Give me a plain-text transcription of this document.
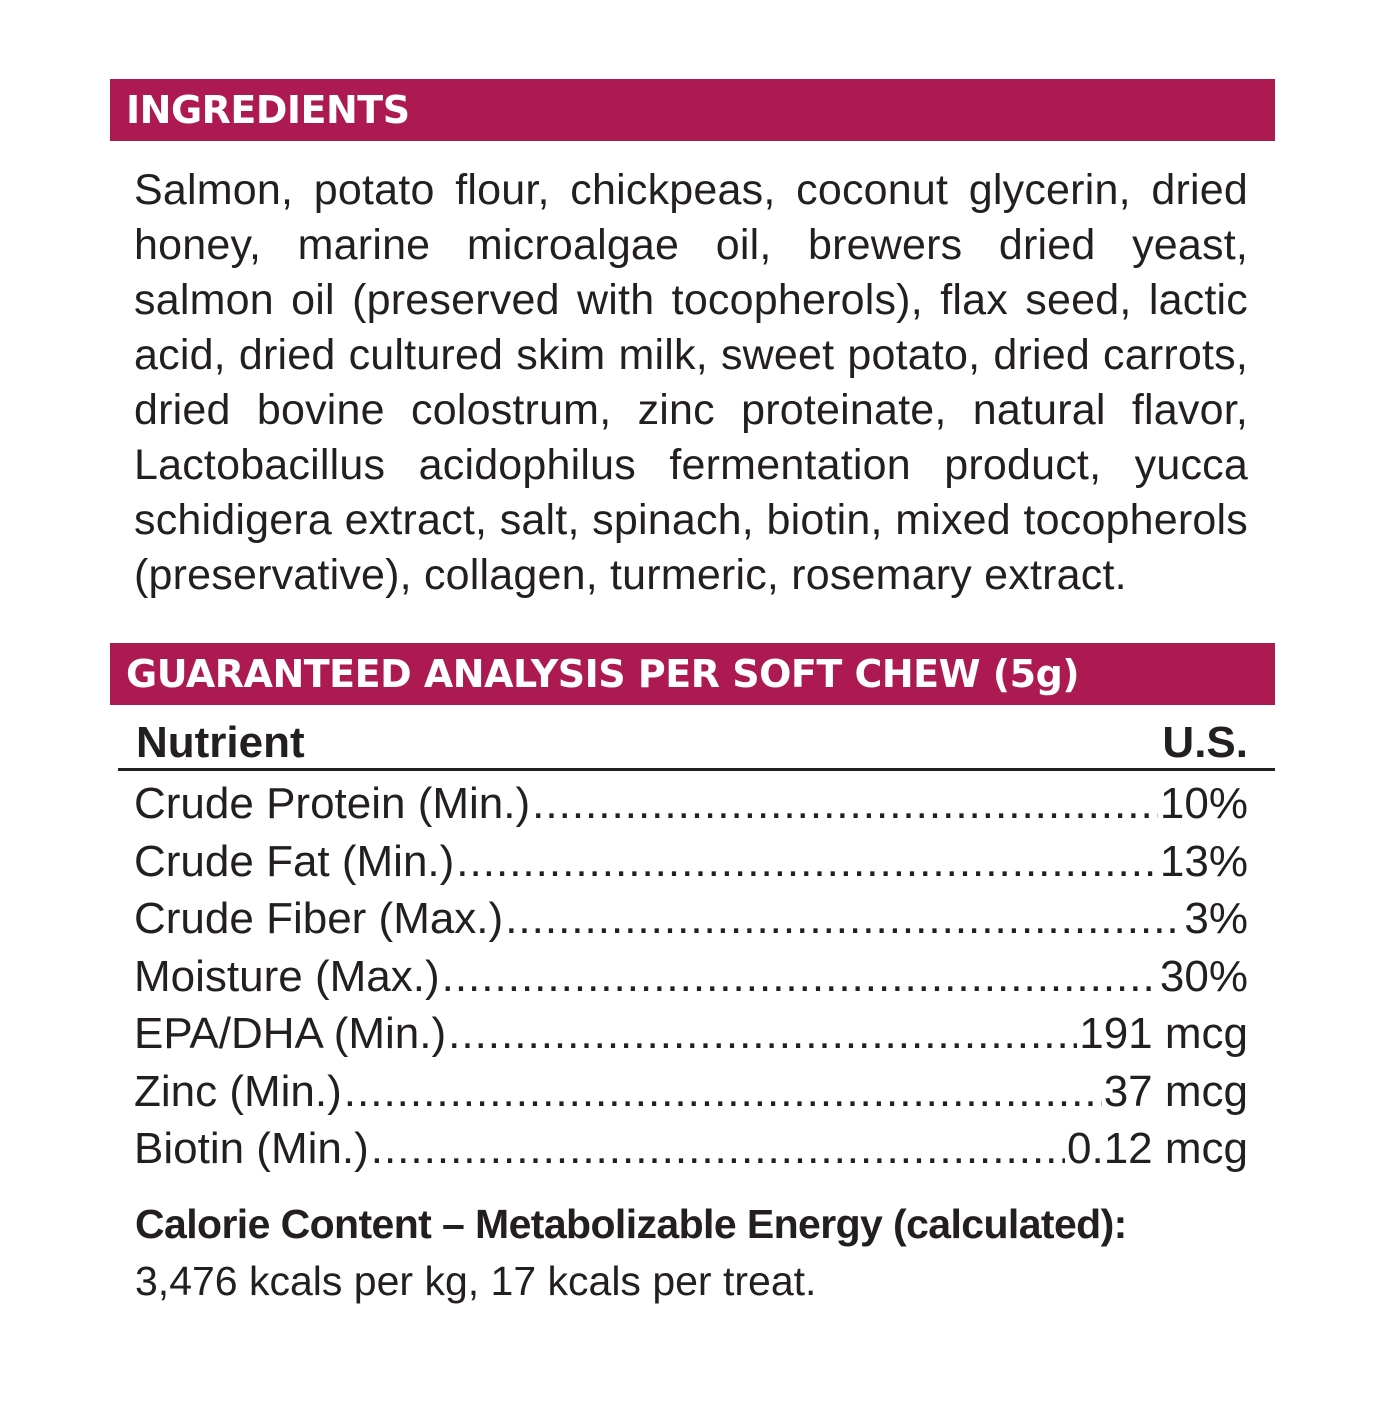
INGREDIENTS
Salmon, potato flour, chickpeas, coconut glycerin, dried honey, marine microalgae oil, brewers dried yeast, salmon oil (preserved with tocopherols), flax seed, lactic acid, dried cultured skim milk, sweet potato, dried carrots, dried bovine colostrum, zinc proteinate, natural flavor, Lactobacillus acidophilus fermentation product, yucca schidigera extract, salt, spinach, biotin, mixed tocopherols (preservative), collagen, turmeric, rosemary extract.
GUARANTEED ANALYSIS PER SOFT CHEW (5g)
Nutrient	U.S.
Crude Protein (Min.) .....	10%
Crude Fat (Min.) .....	13%
Crude Fiber (Max.) .....	3%
Moisture (Max.) .....	30%
EPA/DHA (Min.) .....	191 mcg
Zinc (Min.) .....	37 mcg
Biotin (Min.) .....	0.12 mcg
Calorie Content – Metabolizable Energy (calculated):
3,476 kcals per kg, 17 kcals per treat.
